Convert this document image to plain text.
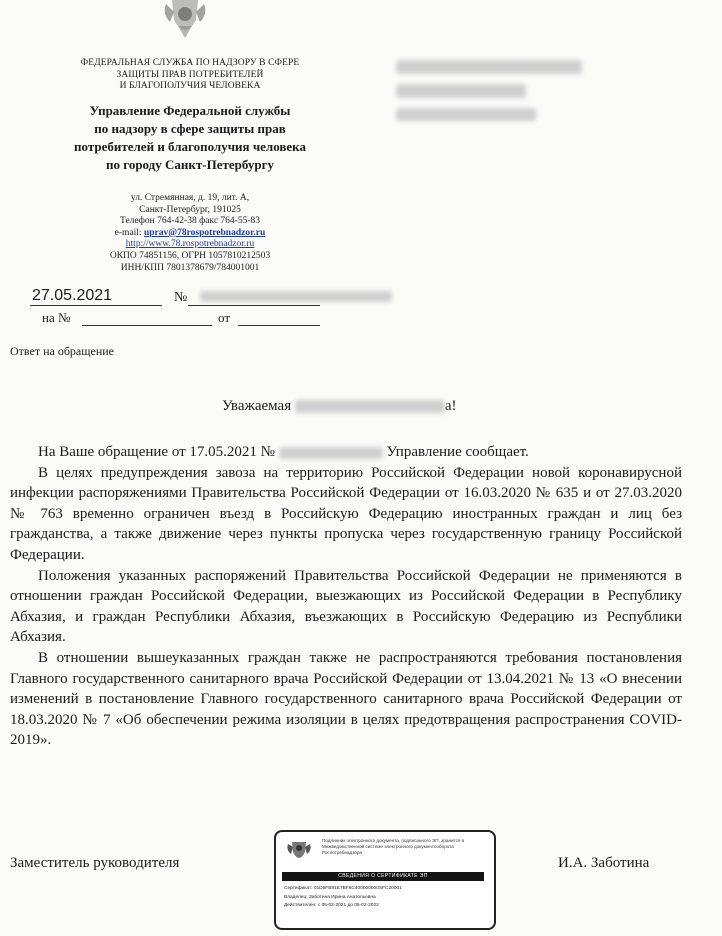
ФЕДЕРАЛЬНАЯ СЛУЖБА ПО НАДЗОРУ В СФЕРЕ
ЗАЩИТЫ ПРАВ ПОТРЕБИТЕЛЕЙ
И БЛАГОПОЛУЧИЯ ЧЕЛОВЕКА
Управление Федеральной службы
по надзору в сфере защиты прав
потребителей и благополучия человека
по городу Санкт-Петербургу
ул. Стремянная, д. 19, лит. А,
Санкт-Петербург, 191025
Телефон 764-42-38 факс 764-55-83
e-mail: uprav@78rospotrebnadzor.ru
http://www.78.rospotrebnadzor.ru
ОКПО 74851156, ОГРН 1057810212503
ИНН/КПП 7801378679/784001001
27.05.2021	№
на №	от
Ответ на обращение
Уважаемая	а!

На Ваше обращение от 17.05.2021 №	Управление сообщает.

В целях предупреждения завоза на территорию Российской Федерации новой коронавирусной инфекции распоряжениями Правительства Российской Федерации от 16.03.2020 № 635 и от 27.03.2020 № 763 временно ограничен въезд в Российскую Федерацию иностранных граждан и лиц без гражданства, а также движение через пункты пропуска через государственную границу Российской Федерации.

Положения указанных распоряжений Правительства Российской Федерации не применяются в отношении граждан Российской Федерации, выезжающих из Российской Федерации в Республику Абхазия, и граждан Республики Абхазия, въезжающих в Российскую Федерацию из Республики Абхазия.

В отношении вышеуказанных граждан также не распространяются требования постановления Главного государственного санитарного врача Российской Федерации от 13.04.2021 № 13 «О внесении изменений в постановление Главного государственного санитарного врача Российской Федерации от 18.03.2020 № 7 «Об обеспечении режима изоляции в целях предотвращения распространения COVID-2019».

Заместитель руководителя	И.А. Заботина
Подлинник электронного документа, подписанного ЭП, хранится в Межведомственной системе электронного документооборота Роспотребнадзора
СВЕДЕНИЯ О СЕРТИФИКАТЕ ЭП
Сертификат: 01D6FB91E7BF6C400000000SFC20001
Владелец: Заботина Ирина Анатольевна
Действителен: с 05-02-2021 до 05-02-2022
